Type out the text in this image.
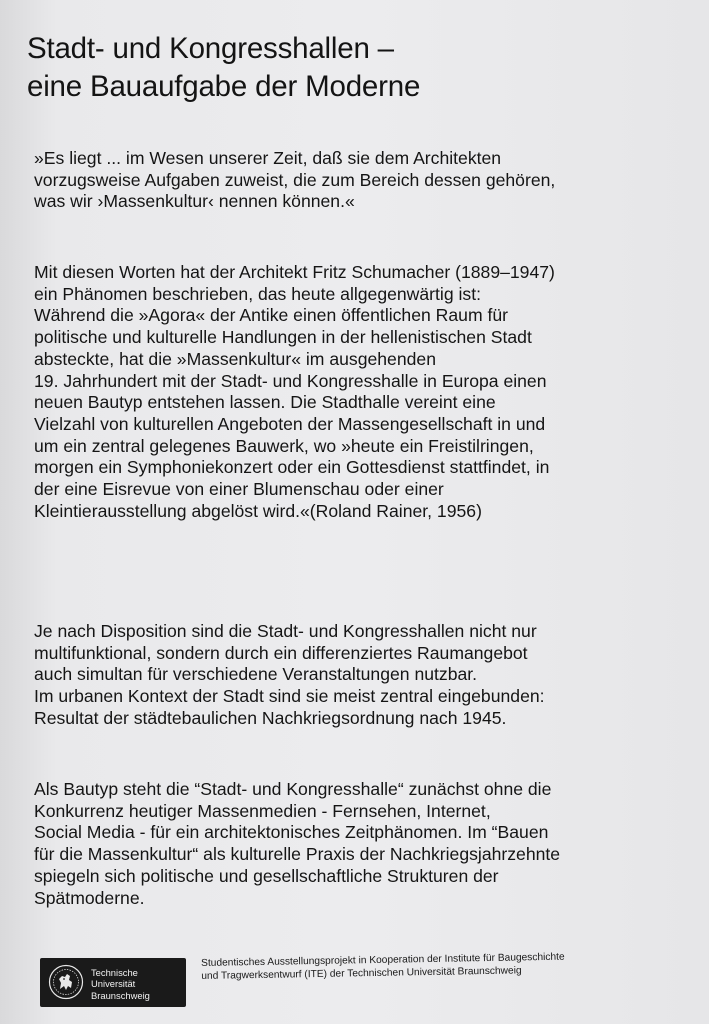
Stadt- und Kongresshallen –
eine Bauaufgabe der Moderne

»Es liegt ... im Wesen unserer Zeit, daß sie dem Architekten
vorzugsweise Aufgaben zuweist, die zum Bereich dessen gehören,
was wir ›Massenkultur‹ nennen können.«

Mit diesen Worten hat der Architekt Fritz Schumacher (1889–1947)
ein Phänomen beschrieben, das heute allgegenwärtig ist:
Während die »Agora« der Antike einen öffentlichen Raum für
politische und kulturelle Handlungen in der hellenistischen Stadt
absteckte, hat die »Massenkultur« im ausgehenden
19. Jahrhundert mit der Stadt- und Kongresshalle in Europa einen
neuen Bautyp entstehen lassen. Die Stadthalle vereint eine
Vielzahl von kulturellen Angeboten der Massengesellschaft in und
um ein zentral gelegenes Bauwerk, wo »heute ein Freistilringen,
morgen ein Symphoniekonzert oder ein Gottesdienst stattfindet, in
der eine Eisrevue von einer Blumenschau oder einer
Kleintierausstellung abgelöst wird.«(Roland Rainer, 1956)

Je nach Disposition sind die Stadt- und Kongresshallen nicht nur
multifunktional, sondern durch ein differenziertes Raumangebot
auch simultan für verschiedene Veranstaltungen nutzbar.
Im urbanen Kontext der Stadt sind sie meist zentral eingebunden:
Resultat der städtebaulichen Nachkriegsordnung nach 1945.

Als Bautyp steht die “Stadt- und Kongresshalle“ zunächst ohne die
Konkurrenz heutiger Massenmedien - Fernsehen, Internet,
Social Media - für ein architektonisches Zeitphänomen. Im “Bauen
für die Massenkultur“ als kulturelle Praxis der Nachkriegsjahrzehnte
spiegeln sich politische und gesellschaftliche Strukturen der
Spätmoderne.

Technische
Universität
Braunschweig
Studentisches Ausstellungsprojekt in Kooperation der Institute für Baugeschichte
und Tragwerksentwurf (ITE) der Technischen Universität Braunschweig
